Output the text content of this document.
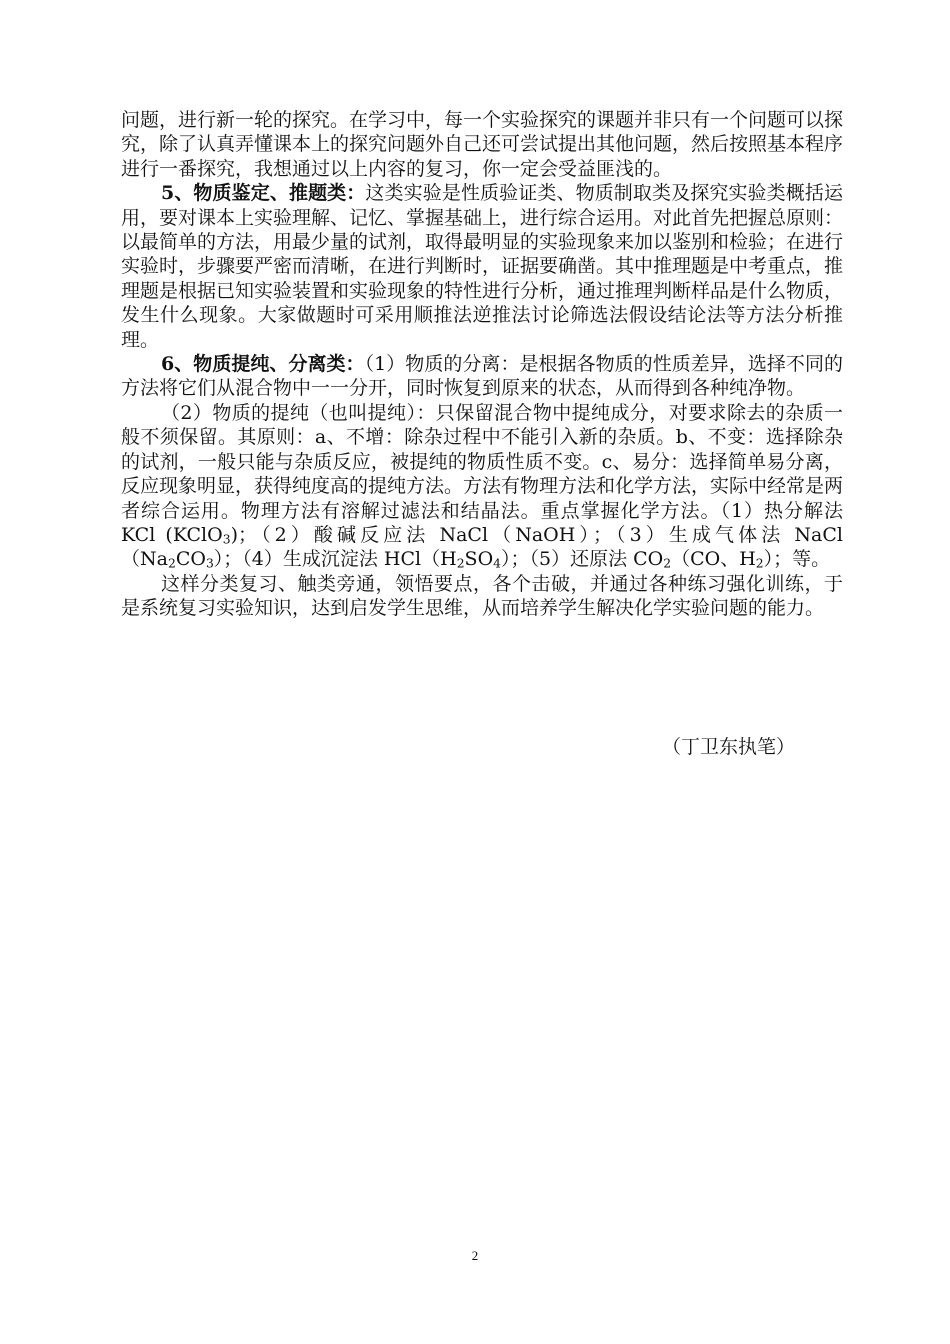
问题，进行新一轮的探究。在学习中，每一个实验探究的课题并非只有一个问题可以探究，除了认真弄懂课本上的探究问题外自己还可尝试提出其他问题，然后按照基本程序进行一番探究，我想通过以上内容的复习，你一定会受益匪浅的。

5、物质鉴定、推题类：这类实验是性质验证类、物质制取类及探究实验类概括运用，要对课本上实验理解、记忆、掌握基础上，进行综合运用。对此首先把握总原则：以最简单的方法，用最少量的试剂，取得最明显的实验现象来加以鉴别和检验；在进行实验时，步骤要严密而清晰，在进行判断时，证据要确凿。其中推理题是中考重点，推理题是根据已知实验装置和实验现象的特性进行分析，通过推理判断样品是什么物质，发生什么现象。大家做题时可采用顺推法逆推法讨论筛选法假设结论法等方法分析推理。

6、物质提纯、分离类：（1）物质的分离：是根据各物质的性质差异，选择不同的方法将它们从混合物中一一分开，同时恢复到原来的状态，从而得到各种纯净物。

（2）物质的提纯（也叫提纯）：只保留混合物中提纯成分，对要求除去的杂质一般不须保留。其原则：a、不增：除杂过程中不能引入新的杂质。b、不变：选择除杂的试剂，一般只能与杂质反应，被提纯的物质性质不变。c、易分：选择简单易分离，反应现象明显，获得纯度高的提纯方法。方法有物理方法和化学方法，实际中经常是两者综合运用。物理方法有溶解过滤法和结晶法。重点掌握化学方法。（1）热分解法 KCl (KClO$_3$)；（2）酸碱反应法 NaCl（NaOH）；（3）生成气体法 NaCl $(Na_2CO_3)$；（4）生成沉淀法 $HCl(H_2SO_4)$；（5）还原法 $CO_2(CO$、$H_2$）；等。

这样分类复习、触类旁通，领悟要点，各个击破，并通过各种练习强化训练，于是系统复习实验知识，达到启发学生思维，从而培养学生解决化学实验问题的能力。

（丁卫东执笔）
2
